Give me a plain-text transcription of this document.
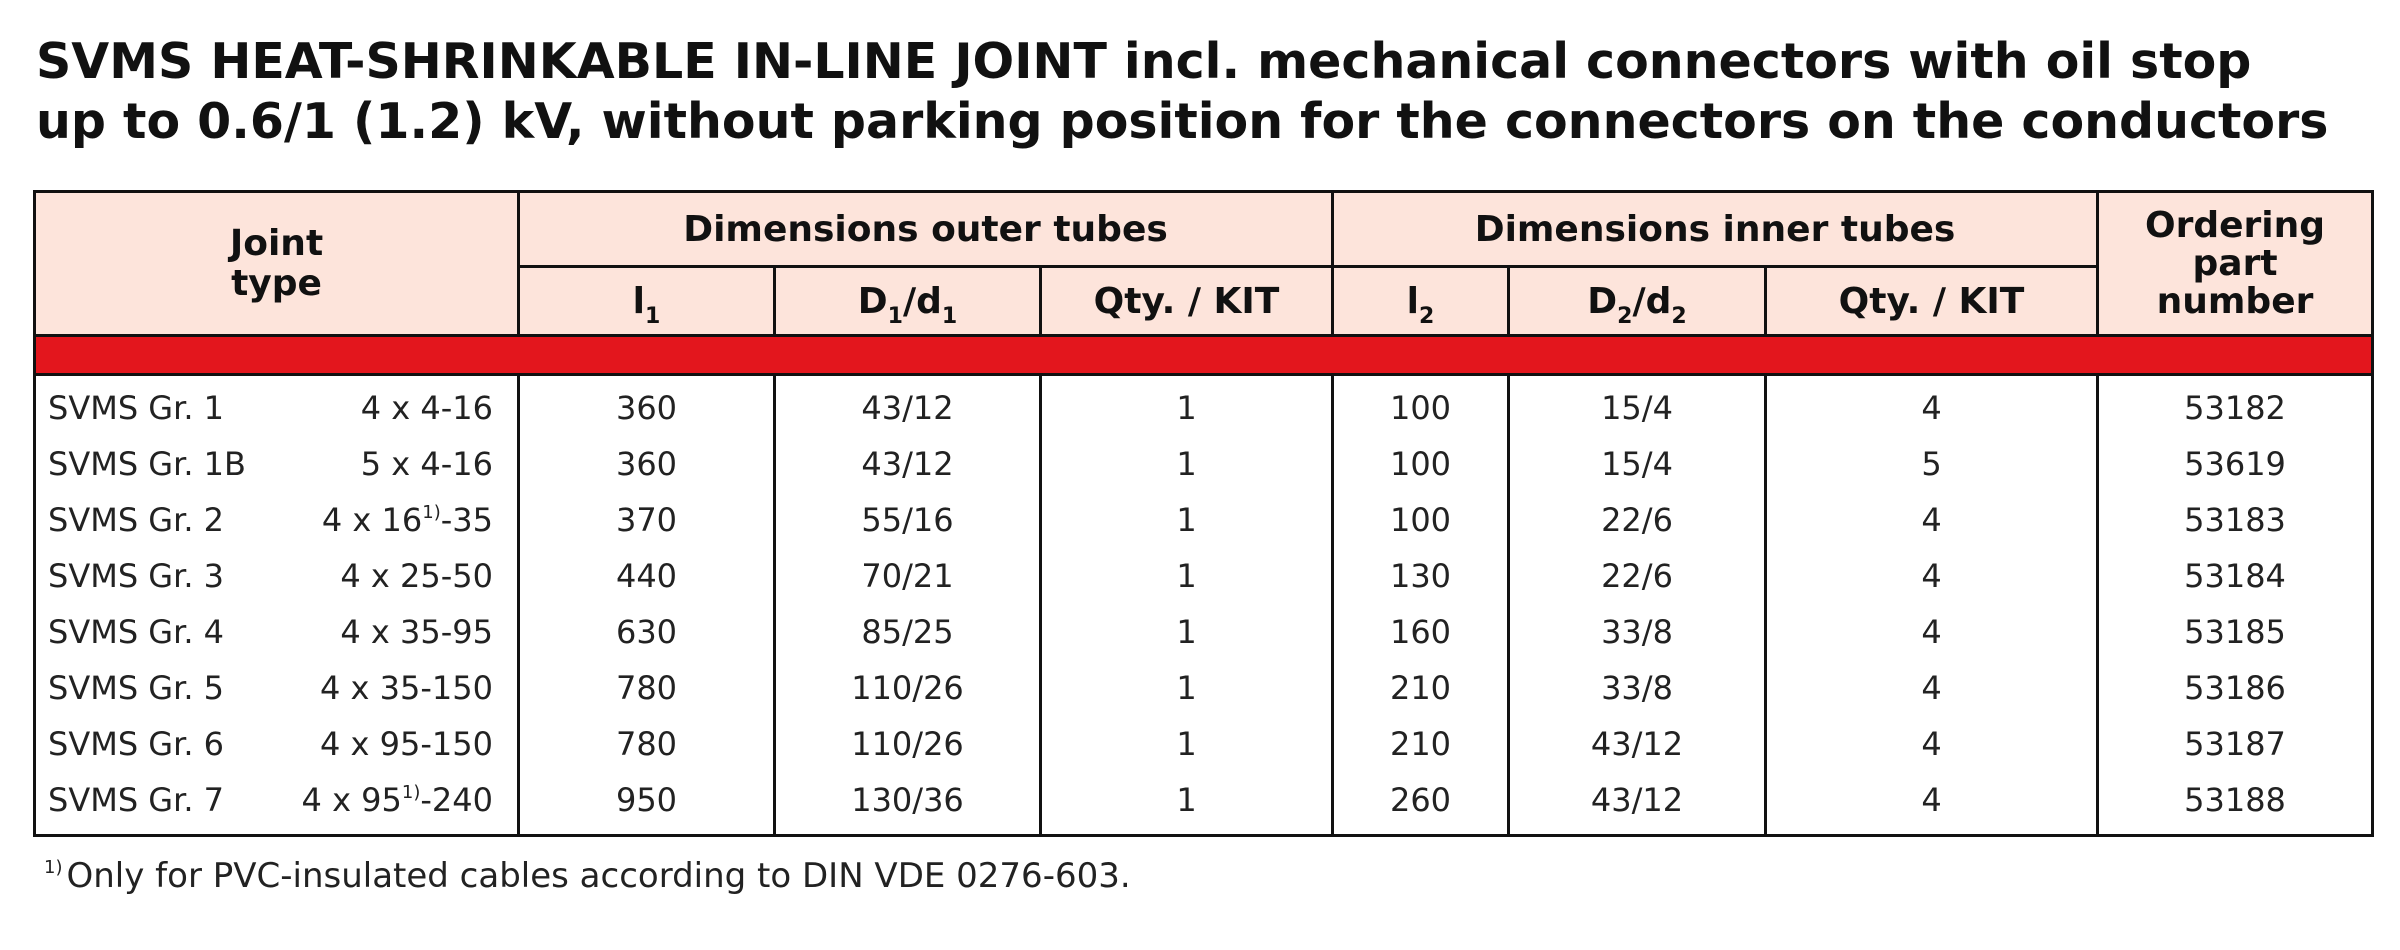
SVMS HEAT-SHRINKABLE IN-LINE JOINT incl. mechanical connectors with oil stop
up to 0.6/1 (1.2) kV, without parking position for the connectors on the conductors

Joint
type	Dimensions outer tubes			Dimensions inner tubes			Ordering
part
number
	$l_1$	$D_1/d_1$	Qty. / KIT	$l_2$	$D_2/d_2$	Qty. / KIT	

SVMS Gr. 1 4 x 4-16	360	43/12	1	100	15/4	4	53182

SVMS Gr. 1B 5 x 4-16	360	43/12	1	100	15/4	5	53619

SVMS Gr. 2 4 x 16$^{1)}$-35	370	55/16	1	100	22/6	4	53183

SVMS Gr. 3 4 x 25-50	440	70/21	1	130	22/6	4	53184

SVMS Gr. 4 4 x 35-95	630	85/25	1	160	33/8	4	53185

SVMS Gr. 5 4 x 35-150	780	110/26	1	210	33/8	4	53186

SVMS Gr. 6 4 x 95-150	780	110/26	1	210	43/12	4	53187

SVMS Gr. 7 4 x 95$^{1)}$-240	950	130/36	1	260	43/12	4	53188
$^{1)}$ Only for PVC-insulated cables according to DIN VDE 0276-603.
